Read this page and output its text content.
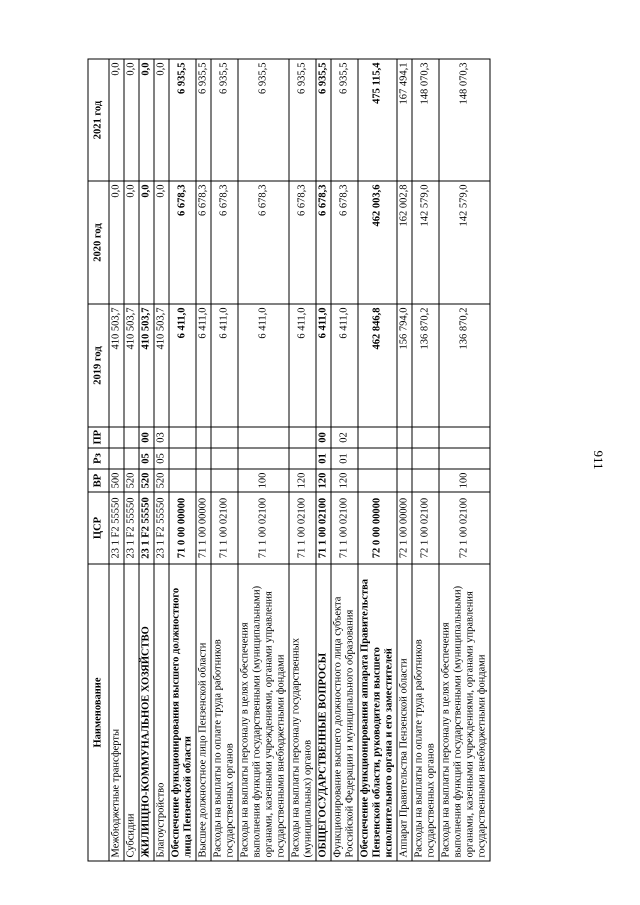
911
Наименование	ЦСР	ВР	Рз	ПР	2019 год	2020 год	2021 год
Межбюджетные трансферты	23 1 F2 55550	500			410 503,7	0,0	0,0
Субсидии	23 1 F2 55550	520			410 503,7	0,0	0,0
ЖИЛИЩНО-КОММУНАЛЬНОЕ ХОЗЯЙСТВО	23 1 F2 55550	520	05	00	410 503,7	0,0	0,0
Благоустройство	23 1 F2 55550	520	05	03	410 503,7	0,0	0,0
Обеспечение функционирования высшего должностного лица Пензенской области	71 0 00 00000				6 411,0	6 678,3	6 935,5
Высшее должностное лицо Пензенской области	71 1 00 00000				6 411,0	6 678,3	6 935,5
Расходы на выплаты по оплате труда работников государственных органов	71 1 00 02100				6 411,0	6 678,3	6 935,5
Расходы на выплаты персоналу в целях обеспечения выполнения функций государственными (муниципальными) органами, казенными учреждениями, органами управления государственными внебюджетными фондами	71 1 00 02100	100			6 411,0	6 678,3	6 935,5
Расходы на выплаты персоналу государственных (муниципальных) органов	71 1 00 02100	120			6 411,0	6 678,3	6 935,5
ОБЩЕГОСУДАРСТВЕННЫЕ ВОПРОСЫ	71 1 00 02100	120	01	00	6 411,0	6 678,3	6 935,5
Функционирование высшего должностного лица субъекта Российской Федерации и муниципального образования	71 1 00 02100	120	01	02	6 411,0	6 678,3	6 935,5
Обеспечение функционирования аппарата Правительства Пензенской области, руководителя высшего исполнительного органа и его заместителей	72 0 00 00000				462 846,8	462 003,6	475 115,4
Аппарат Правительства Пензенской области	72 1 00 00000				156 794,0	162 002,8	167 494,1
Расходы на выплаты по оплате труда работников государственных органов	72 1 00 02100				136 870,2	142 579,0	148 070,3
Расходы на выплаты персоналу в целях обеспечения выполнения функций государственными (муниципальными) органами, казенными учреждениями, органами управления государственными внебюджетными фондами	72 1 00 02100	100			136 870,2	142 579,0	148 070,3
